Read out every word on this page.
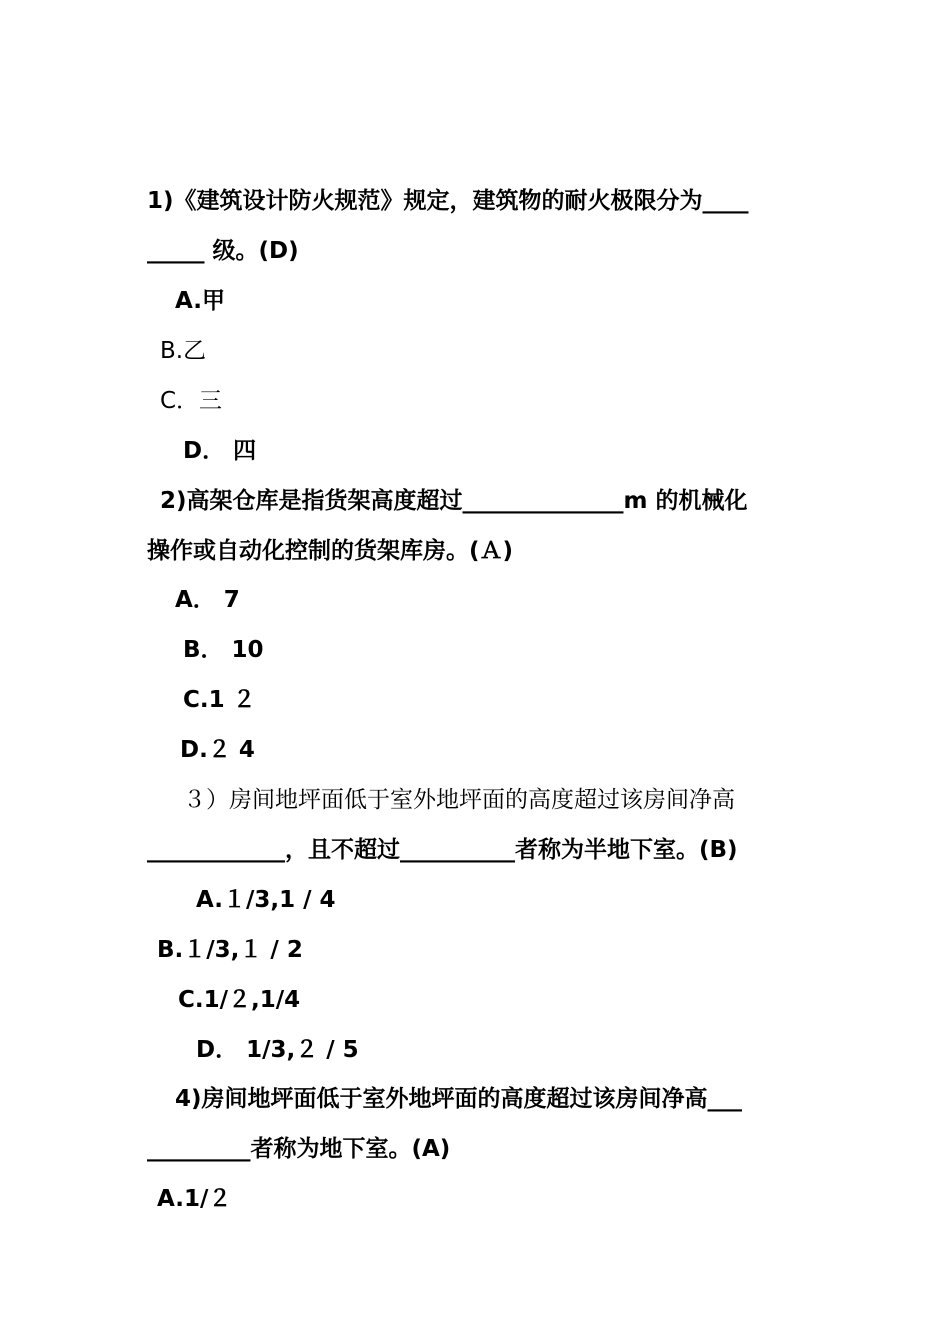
1)《建筑设计防火规范》规定，建筑物的耐火极限分为____
_____ 级。(D)
A.甲
B.乙
C．三
D． 四
2)高架仓库是指货架高度超过______________m 的机械化
操作或自动化控制的货架库房。(Ａ)
A． 7
B． 10
C.1 ２
D.２ 4
３）房间地坪面低于室外地坪面的高度超过该房间净高
____________，且不超过__________者称为半地下室。(B)
A.１/3,1 / 4
B.１/3,１ / 2
C.1/２,1/4
D． 1/3,２ / 5
4)房间地坪面低于室外地坪面的高度超过该房间净高___
_________者称为地下室。(A)
A.1/２
